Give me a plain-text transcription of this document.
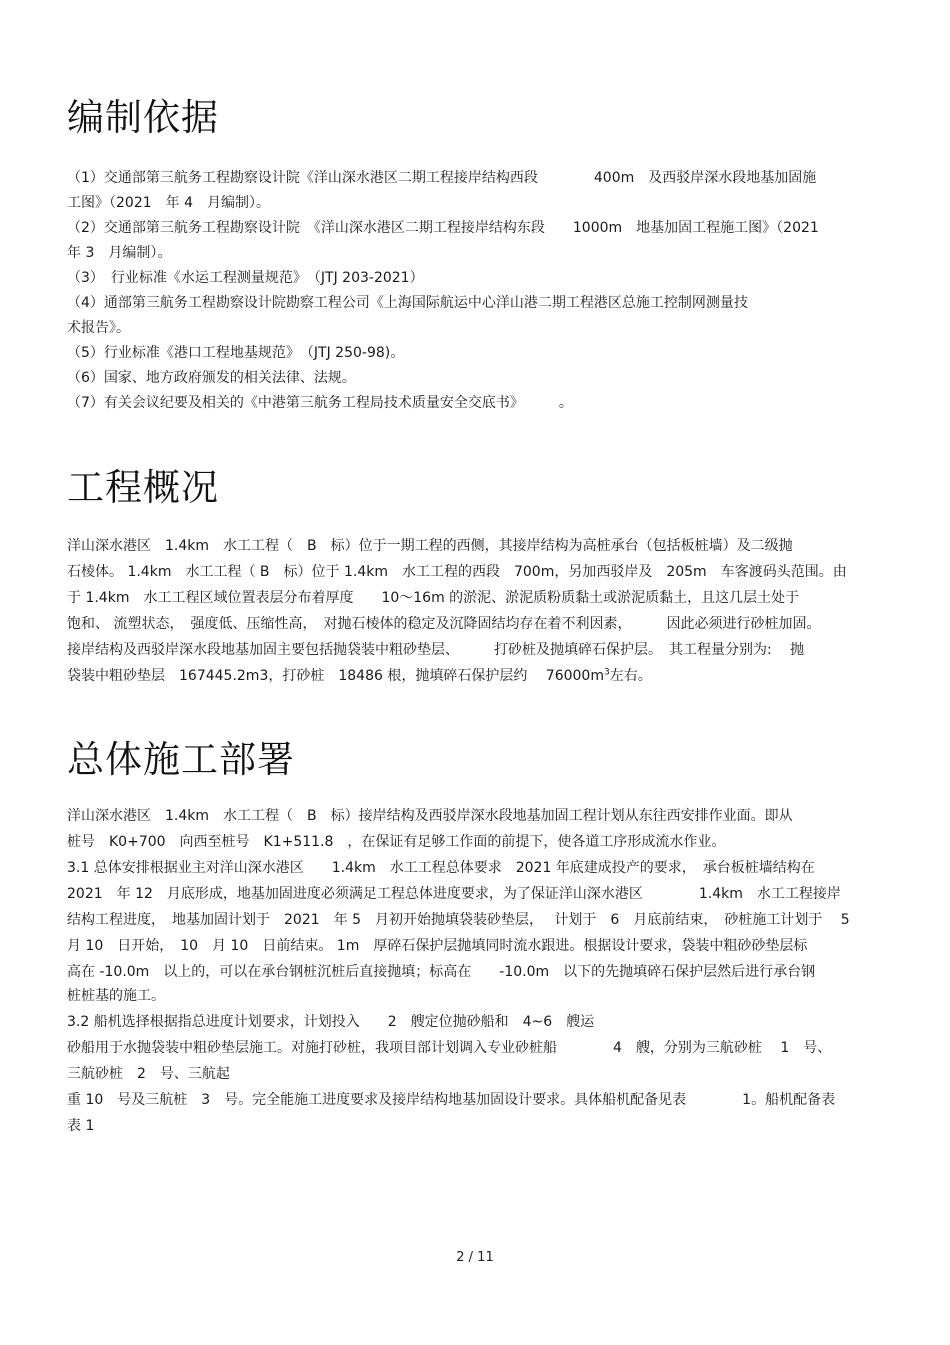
编制依据
（1）交通部第三航务工程勘察设计院《洋山深水港区二期工程接岸结构西段　　　　400m　及西驳岸深水段地基加固施
工图》（2021　年 4　月编制）。
（2）交通部第三航务工程勘察设计院　《洋山深水港区二期工程接岸结构东段　　1000m　地基加固工程施工图》（2021
年 3　月编制）。
（3）　行业标准《水运工程测量规范》　（JTJ 203-2021）
（4）通部第三航务工程勘察设计院勘察工程公司《上海国际航运中心洋山港二期工程港区总施工控制网测量技
术报告》。
（5）行业标准《港口工程地基规范》　（JTJ 250-98)。
（6）国家、地方政府颁发的相关法律、法规。
（7）有关会议纪要及相关的《中港第三航务工程局技术质量安全交底书》　　　。
工程概况
洋山深水港区　1.4km　水工工程（　B　标）位于一期工程的西侧，其接岸结构为高桩承台（包括板桩墙）及二级抛
石棱体。 1.4km　水工工程（ B　标）位于 1.4km　水工工程的西段　700m，另加西驳岸及　205m　车客渡码头范围。由
于 1.4km　水工工程区域位置表层分布着厚度　　10～16m 的淤泥、淤泥质粉质黏土或淤泥质黏土，且这几层土处于
饱和、 流塑状态，　强度低、压缩性高，　对抛石棱体的稳定及沉降固结均存在着不利因素，　　　因此必须进行砂桩加固。
接岸结构及西驳岸深水段地基加固主要包括抛袋装中粗砂垫层、　　　打砂桩及抛填碎石保护层。　其工程量分别为:　 抛
袋装中粗砂垫层　167445.2m3，打砂桩　18486 根，抛填碎石保护层约　 $76000m^3$左右。
总体施工部署
洋山深水港区　1.4km　水工工程（　B　标）接岸结构及西驳岸深水段地基加固工程计划从东往西安排作业面。即从
桩号　K0+700　向西至桩号　K1+511.8　，在保证有足够工作面的前提下，使各道工序形成流水作业。
3.1 总体安排根据业主对洋山深水港区　　1.4km　水工工程总体要求　2021 年底建成投产的要求，　承台板桩墙结构在
2021　年 12　月底形成，地基加固进度必须满足工程总体进度要求，为了保证洋山深水港区　　　　1.4km　水工工程接岸
结构工程进度，　地基加固计划于　2021　年 5　月初开始抛填袋装砂垫层，　 计划于　6　月底前结束，　砂桩施工计划于　 5
月 10　日开始，　10　月 10　日前结束。 1m　厚碎石保护层抛填同时流水跟进。根据设计要求，袋装中粗砂砂垫层标
高在 -10.0m　以上的，可以在承台钢桩沉桩后直接抛填；标高在　　-10.0m　以下的先抛填碎石保护层然后进行承台钢
桩桩基的施工。
3.2 船机选择根据指总进度计划要求，计划投入　　2　艘定位抛砂船和　4~6　艘运
砂船用于水抛袋装中粗砂垫层施工。对施打砂桩，我项目部计划调入专业砂桩船　　　　4　艘，分别为三航砂桩　 1　号、
三航砂桩　2　号、三航起
重 10　号及三航桩　3　号。完全能施工进度要求及接岸结构地基加固设计要求。具体船机配备见表　　　　1。船机配备表
表 1
2 / 11
